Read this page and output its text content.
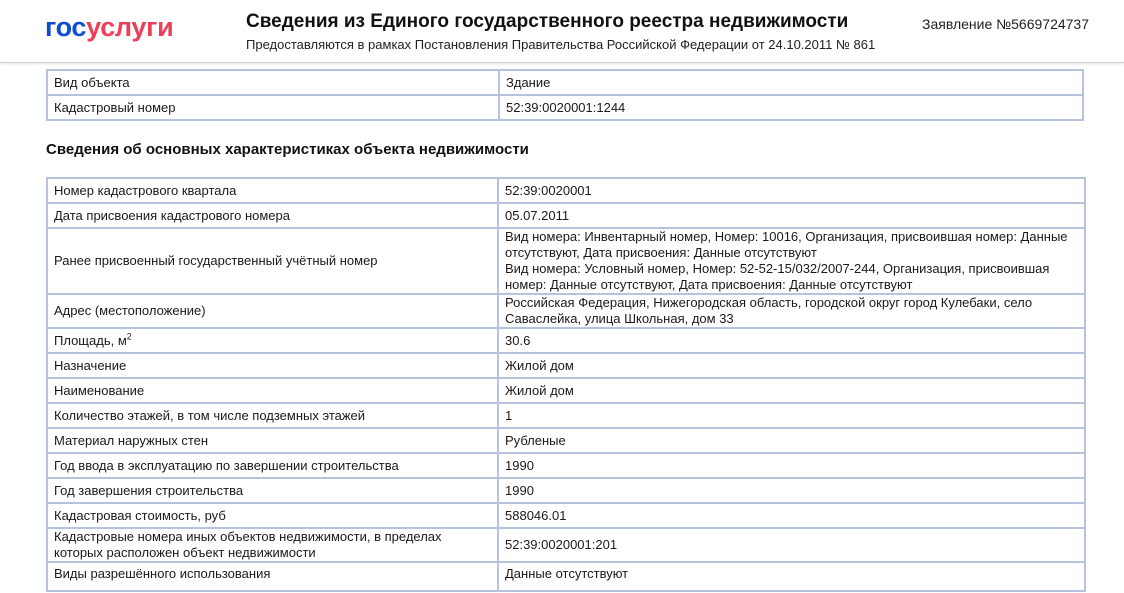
госуслуги	Сведения из Единого государственного реестра недвижимости
Предоставляются в рамках Постановления Правительства Российской Федерации от 24.10.2011 № 861
Заявление №5669724737
Вид объекта	Здание
Кадастровый номер	52:39:0020001:1244
Сведения об основных характеристиках объекта недвижимости
Номер кадастрового квартала	52:39:0020001
Дата присвоения кадастрового номера	05.07.2011
Ранее присвоенный государственный учётный номер	Вид номера: Инвентарный номер, Номер: 10016, Организация, присвоившая номер: Данные
отсутствуют, Дата присвоения: Данные отсутствуют
Вид номера: Условный номер, Номер: 52-52-15/032/2007-244, Организация, присвоившая
номер: Данные отсутствуют, Дата присвоения: Данные отсутствуют

Адрес (местоположение)	Российская Федерация, Нижегородская область, городской округ город Кулебаки, село
Саваслейка, улица Школьная, дом 33

Площадь, $м^2$	30.6
Назначение	Жилой дом
Наименование	Жилой дом
Количество этажей, в том числе подземных этажей	1
Материал наружных стен	Рубленые
Год ввода в эксплуатацию по завершении строительства	1990
Год завершения строительства	1990
Кадастровая стоимость, руб	588046.01

Кадастровые номера иных объектов недвижимости, в пределах
которых расположен объект недвижимости	52:39:0020001:201
Виды разрешённого использования	Данные отсутствуют
